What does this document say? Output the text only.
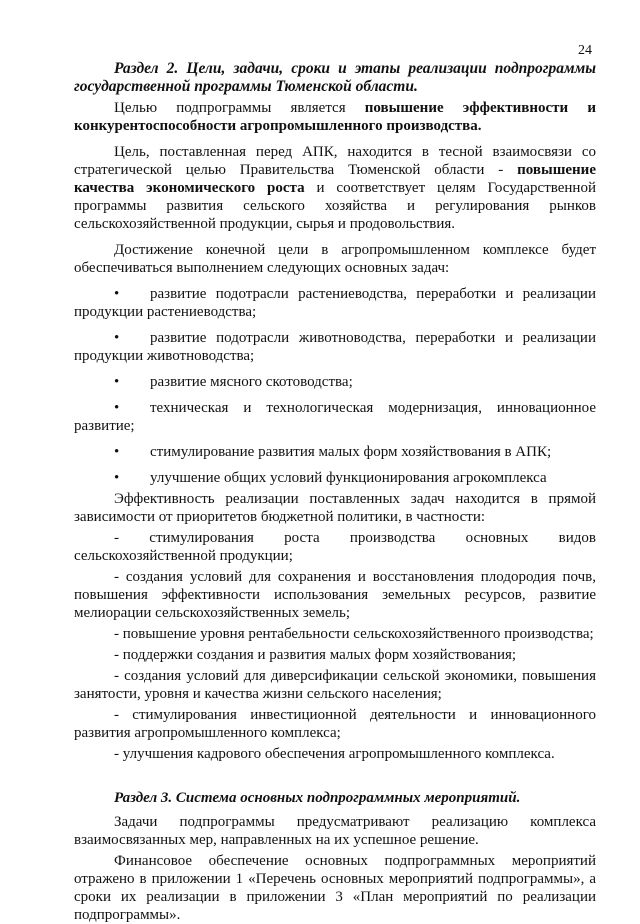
24

Раздел 2. Цели, задачи, сроки и этапы реализации подпрограммы государственной программы Тюменской области.

Целью подпрограммы является повышение эффективности и конкурентоспособности агропромышленного производства.

Цель, поставленная перед АПК, находится в тесной взаимосвязи со стратегической целью Правительства Тюменской области - повышение качества экономического роста и соответствует целям Государственной программы развития сельского хозяйства и регулирования рынков сельскохозяйственной продукции, сырья и продовольствия.

Достижение конечной цели в агропромышленном комплексе будет обеспечиваться выполнением следующих основных задач:

• развитие подотрасли растениеводства, переработки и реализации продукции растениеводства;

• развитие подотрасли животноводства, переработки и реализации продукции животноводства;

• развитие мясного скотоводства;

• техническая и технологическая модернизация, инновационное развитие;

• стимулирование развития малых форм хозяйствования в АПК;

• улучшение общих условий функционирования агрокомплекса

Эффективность реализации поставленных задач находится в прямой зависимости от приоритетов бюджетной политики, в частности:

- стимулирования роста производства основных видов сельскохозяйственной продукции;

- создания условий для сохранения и восстановления плодородия почв, повышения эффективности использования земельных ресурсов, развитие мелиорации сельскохозяйственных земель;

- повышение уровня рентабельности сельскохозяйственного производства;

- поддержки создания и развития малых форм хозяйствования;

- создания условий для диверсификации сельской экономики, повышения занятости, уровня и качества жизни сельского населения;

- стимулирования инвестиционной деятельности и инновационного развития агропромышленного комплекса;

- улучшения кадрового обеспечения агропромышленного комплекса.

Раздел 3. Система основных подпрограммных мероприятий.

Задачи подпрограммы предусматривают реализацию комплекса взаимосвязанных мер, направленных на их успешное решение.

Финансовое обеспечение основных подпрограммных мероприятий отражено в приложении 1 «Перечень основных мероприятий подпрограммы», а сроки их реализации в приложении 3 «План мероприятий по реализации подпрограммы».
